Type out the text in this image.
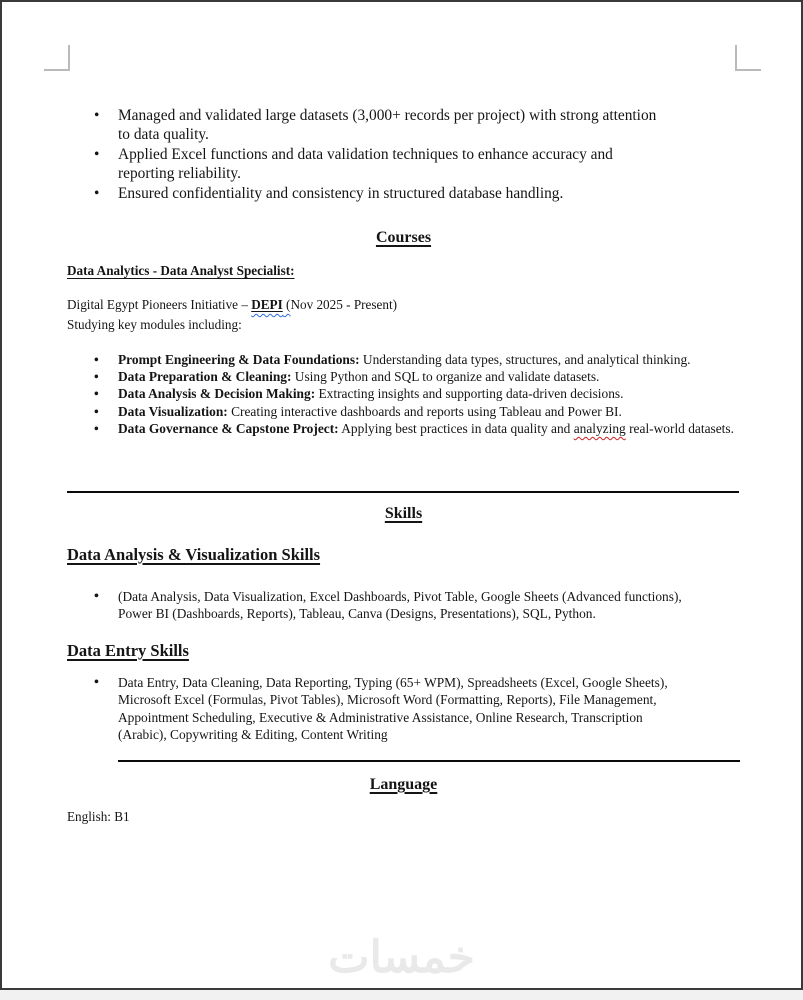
• Managed and validated large datasets (3,000+ records per project) with strong attention
to data quality.
• Applied Excel functions and data validation techniques to enhance accuracy and
reporting reliability.
• Ensured confidentiality and consistency in structured database handling.
Courses
Data Analytics - Data Analyst Specialist:
Digital Egypt Pioneers Initiative – DEPI (Nov 2025 - Present)
Studying key modules including:
• Prompt Engineering & Data Foundations: Understanding data types, structures, and analytical thinking.
• Data Preparation & Cleaning: Using Python and SQL to organize and validate datasets.
• Data Analysis & Decision Making: Extracting insights and supporting data-driven decisions.
• Data Visualization: Creating interactive dashboards and reports using Tableau and Power BI.
• Data Governance & Capstone Project: Applying best practices in data quality and analyzing real-world datasets.
Skills
Data Analysis & Visualization Skills
• (Data Analysis, Data Visualization, Excel Dashboards, Pivot Table, Google Sheets (Advanced functions),
Power BI (Dashboards, Reports), Tableau, Canva (Designs, Presentations), SQL, Python.
Data Entry Skills
• Data Entry, Data Cleaning, Data Reporting, Typing (65+ WPM), Spreadsheets (Excel, Google Sheets),
Microsoft Excel (Formulas, Pivot Tables), Microsoft Word (Formatting, Reports), File Management,
Appointment Scheduling, Executive & Administrative Assistance, Online Research, Transcription
(Arabic), Copywriting & Editing, Content Writing
Language
English: B1
خمسات
